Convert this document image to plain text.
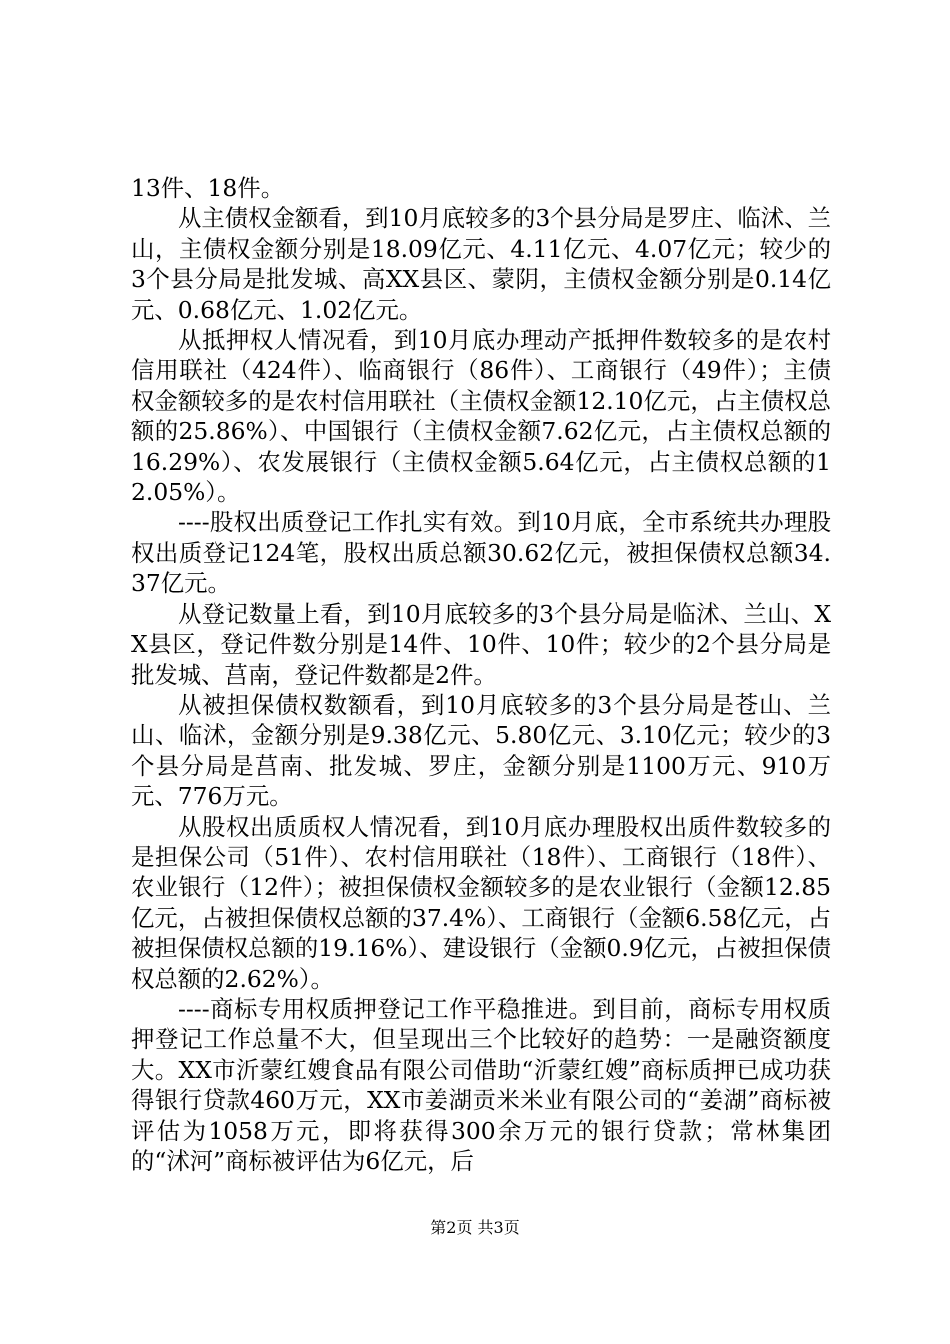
13件、18件。

从主债权金额看，到10月底较多的3个县分局是罗庄、临沭、兰山，主债权金额分别是18.09亿元、4.11亿元、4.07亿元；较少的3个县分局是批发城、高XX县区、蒙阴，主债权金额分别是0.14亿元、0.68亿元、1.02亿元。

从抵押权人情况看，到10月底办理动产抵押件数较多的是农村信用联社（424件）、临商银行（86件）、工商银行（49件）；主债权金额较多的是农村信用联社（主债权金额12.10亿元，占主债权总额的25.86%）、中国银行（主债权金额7.62亿元，占主债权总额的16.29%）、农发展银行（主债权金额5.64亿元，占主债权总额的12.05%）。

----股权出质登记工作扎实有效。到10月底，全市系统共办理股权出质登记124笔，股权出质总额30.62亿元，被担保债权总额34.37亿元。

从登记数量上看，到10月底较多的3个县分局是临沭、兰山、XX县区，登记件数分别是14件、10件、10件；较少的2个县分局是批发城、莒南，登记件数都是2件。

从被担保债权数额看，到10月底较多的3个县分局是苍山、兰山、临沭，金额分别是9.38亿元、5.80亿元、3.10亿元；较少的3个县分局是莒南、批发城、罗庄，金额分别是1100万元、910万元、776万元。

从股权出质质权人情况看，到10月底办理股权出质件数较多的是担保公司（51件）、农村信用联社（18件）、工商银行（18件）、农业银行（12件）；被担保债权金额较多的是农业银行（金额12.85亿元，占被担保债权总额的37.4%）、工商银行（金额6.58亿元，占被担保债权总额的19.16%）、建设银行（金额0.9亿元，占被担保债权总额的2.62%）。

----商标专用权质押登记工作平稳推进。到目前，商标专用权质押登记工作总量不大，但呈现出三个比较好的趋势：一是融资额度大。XX市沂蒙红嫂食品有限公司借助“沂蒙红嫂”商标质押已成功获得银行贷款460万元，XX市姜湖贡米米业有限公司的“姜湖”商标被评估为1058万元，即将获得300余万元的银行贷款；常林集团的“沭河”商标被评估为6亿元，后

第2页 共3页
